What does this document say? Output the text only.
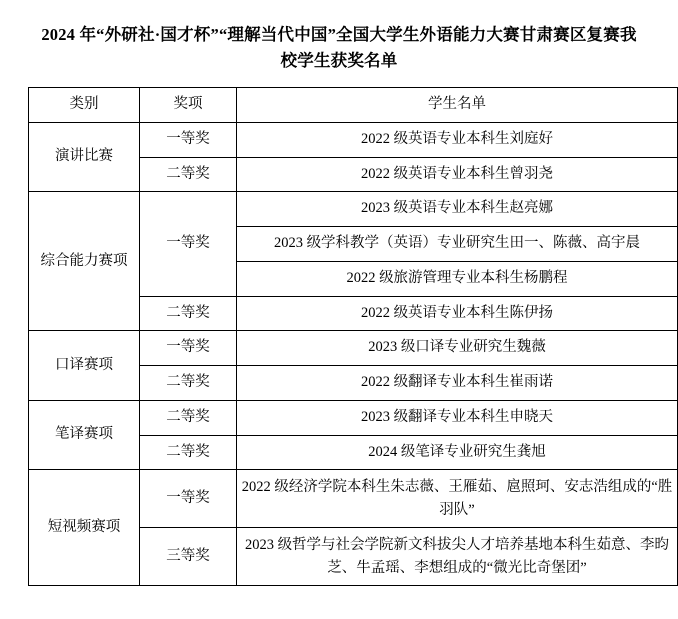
2024 年“外研社·国才杯”“理解当代中国”全国大学生外语能力大赛甘肃赛区复赛我校学生获奖名单
类别	奖项	学生名单
演讲比赛	一等奖	2022 级英语专业本科生刘庭好
	二等奖	2022 级英语专业本科生曾羽尧
综合能力赛项	一等奖	2023 级英语专业本科生赵亮娜
		2023 级学科教学（英语）专业研究生田一、陈薇、高宇晨
		2022 级旅游管理专业本科生杨鹏程
	二等奖	2022 级英语专业本科生陈伊扬
口译赛项	一等奖	2023 级口译专业研究生魏薇
	二等奖	2022 级翻译专业本科生崔雨诺
笔译赛项	二等奖	2023 级翻译专业本科生申晓天
	二等奖	2024 级笔译专业研究生龚旭
短视频赛项	一等奖	2022 级经济学院本科生朱志薇、王雁茹、扈照珂、安志浩组成的“胜羽队”
	三等奖	2023 级哲学与社会学院新文科拔尖人才培养基地本科生茹意、李昀芝、牛孟瑶、李想组成的“微光比奇堡团”
